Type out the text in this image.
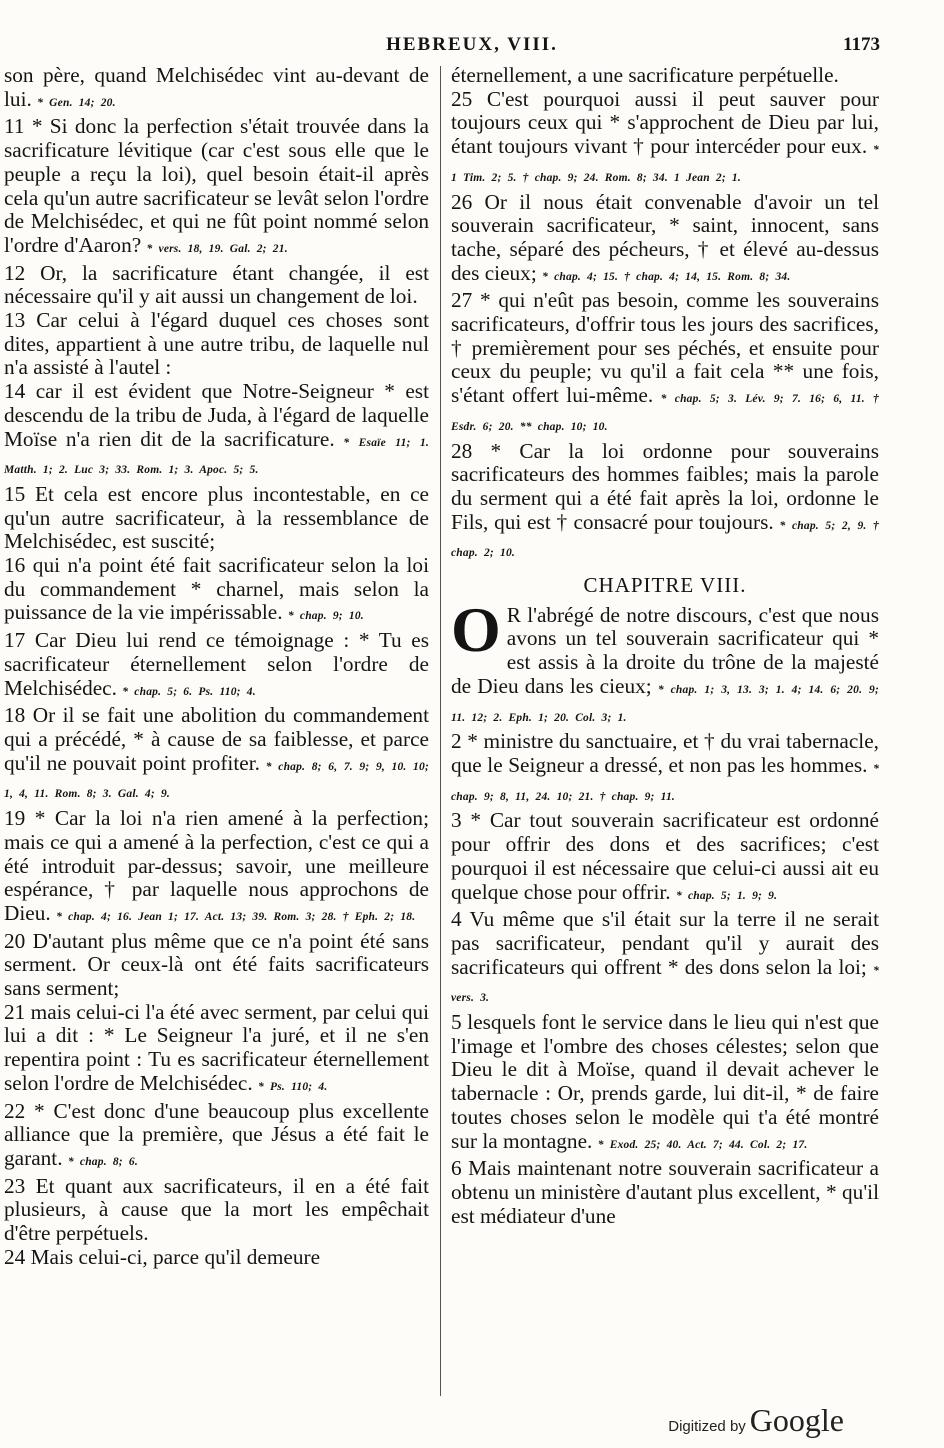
HEBREUX, VIII.	1173

son père, quand Melchisédec vint au-devant de lui. * Gen. 14; 20.

11 * Si donc la perfection s'était trouvée dans la sacrificature lévitique (car c'est sous elle que le peuple a reçu la loi), quel besoin était-il après cela qu'un autre sacrificateur se levât selon l'ordre de Melchisédec, et qui ne fût point nommé selon l'ordre d'Aaron? * vers. 18, 19. Gal. 2; 21.

12 Or, la sacrificature étant changée, il est nécessaire qu'il y ait aussi un changement de loi.

13 Car celui à l'égard duquel ces choses sont dites, appartient à une autre tribu, de laquelle nul n'a assisté à l'autel :

14 car il est évident que Notre-Seigneur * est descendu de la tribu de Juda, à l'égard de laquelle Moïse n'a rien dit de la sacrificature. * Esaïe 11; 1. Matth. 1; 2. Luc 3; 33. Rom. 1; 3. Apoc. 5; 5.

15 Et cela est encore plus incontestable, en ce qu'un autre sacrificateur, à la ressemblance de Melchisédec, est suscité;

16 qui n'a point été fait sacrificateur selon la loi du commandement * charnel, mais selon la puissance de la vie impérissable. * chap. 9; 10.

17 Car Dieu lui rend ce témoignage : * Tu es sacrificateur éternellement selon l'ordre de Melchisédec. * chap. 5; 6. Ps. 110; 4.

18 Or il se fait une abolition du commandement qui a précédé, * à cause de sa faiblesse, et parce qu'il ne pouvait point profiter. * chap. 8; 6, 7. 9; 9, 10. 10; 1, 4, 11. Rom. 8; 3. Gal. 4; 9.

19 * Car la loi n'a rien amené à la perfection; mais ce qui a amené à la perfection, c'est ce qui a été introduit par-dessus; savoir, une meilleure espérance, † par laquelle nous approchons de Dieu. * chap. 4; 16. Jean 1; 17. Act. 13; 39. Rom. 3; 28. † Eph. 2; 18.

20 D'autant plus même que ce n'a point été sans serment. Or ceux-là ont été faits sacrificateurs sans serment;

21 mais celui-ci l'a été avec serment, par celui qui lui a dit : * Le Seigneur l'a juré, et il ne s'en repentira point : Tu es sacrificateur éternellement selon l'ordre de Melchisédec. * Ps. 110; 4.

22 * C'est donc d'une beaucoup plus excellente alliance que la première, que Jésus a été fait le garant. * chap. 8; 6.

23 Et quant aux sacrificateurs, il en a été fait plusieurs, à cause que la mort les empêchait d'être perpétuels.

24 Mais celui-ci, parce qu'il demeure

éternellement, a une sacrificature perpétuelle.

25 C'est pourquoi aussi il peut sauver pour toujours ceux qui * s'approchent de Dieu par lui, étant toujours vivant † pour intercéder pour eux. * 1 Tim. 2; 5. † chap. 9; 24. Rom. 8; 34. 1 Jean 2; 1.

26 Or il nous était convenable d'avoir un tel souverain sacrificateur, * saint, innocent, sans tache, séparé des pécheurs, † et élevé au-dessus des cieux; * chap. 4; 15. † chap. 4; 14, 15. Rom. 8; 34.

27 * qui n'eût pas besoin, comme les souverains sacrificateurs, d'offrir tous les jours des sacrifices, † premièrement pour ses péchés, et ensuite pour ceux du peuple; vu qu'il a fait cela ** une fois, s'étant offert lui-même. * chap. 5; 3. Lév. 9; 7. 16; 6, 11. † Esdr. 6; 20. ** chap. 10; 10.

28 * Car la loi ordonne pour souverains sacrificateurs des hommes faibles; mais la parole du serment qui a été fait après la loi, ordonne le Fils, qui est † consacré pour toujours. * chap. 5; 2, 9. † chap. 2; 10.

CHAPITRE VIII.

O R l'abrégé de notre discours, c'est que nous avons un tel souverain sacrificateur qui * est assis à la droite du trône de la majesté de Dieu dans les cieux; * chap. 1; 3, 13. 3; 1. 4; 14. 6; 20. 9; 11. 12; 2. Eph. 1; 20. Col. 3; 1.

2 * ministre du sanctuaire, et † du vrai tabernacle, que le Seigneur a dressé, et non pas les hommes. * chap. 9; 8, 11, 24. 10; 21. † chap. 9; 11.

3 * Car tout souverain sacrificateur est ordonné pour offrir des dons et des sacrifices; c'est pourquoi il est nécessaire que celui-ci aussi ait eu quelque chose pour offrir. * chap. 5; 1. 9; 9.

4 Vu même que s'il était sur la terre il ne serait pas sacrificateur, pendant qu'il y aurait des sacrificateurs qui offrent * des dons selon la loi; * vers. 3.

5 lesquels font le service dans le lieu qui n'est que l'image et l'ombre des choses célestes; selon que Dieu le dit à Moïse, quand il devait achever le tabernacle : Or, prends garde, lui dit-il, * de faire toutes choses selon le modèle qui t'a été montré sur la montagne. * Exod. 25; 40. Act. 7; 44. Col. 2; 17.

6 Mais maintenant notre souverain sacrificateur a obtenu un ministère d'autant plus excellent, * qu'il est médiateur d'une

Digitized by Google
